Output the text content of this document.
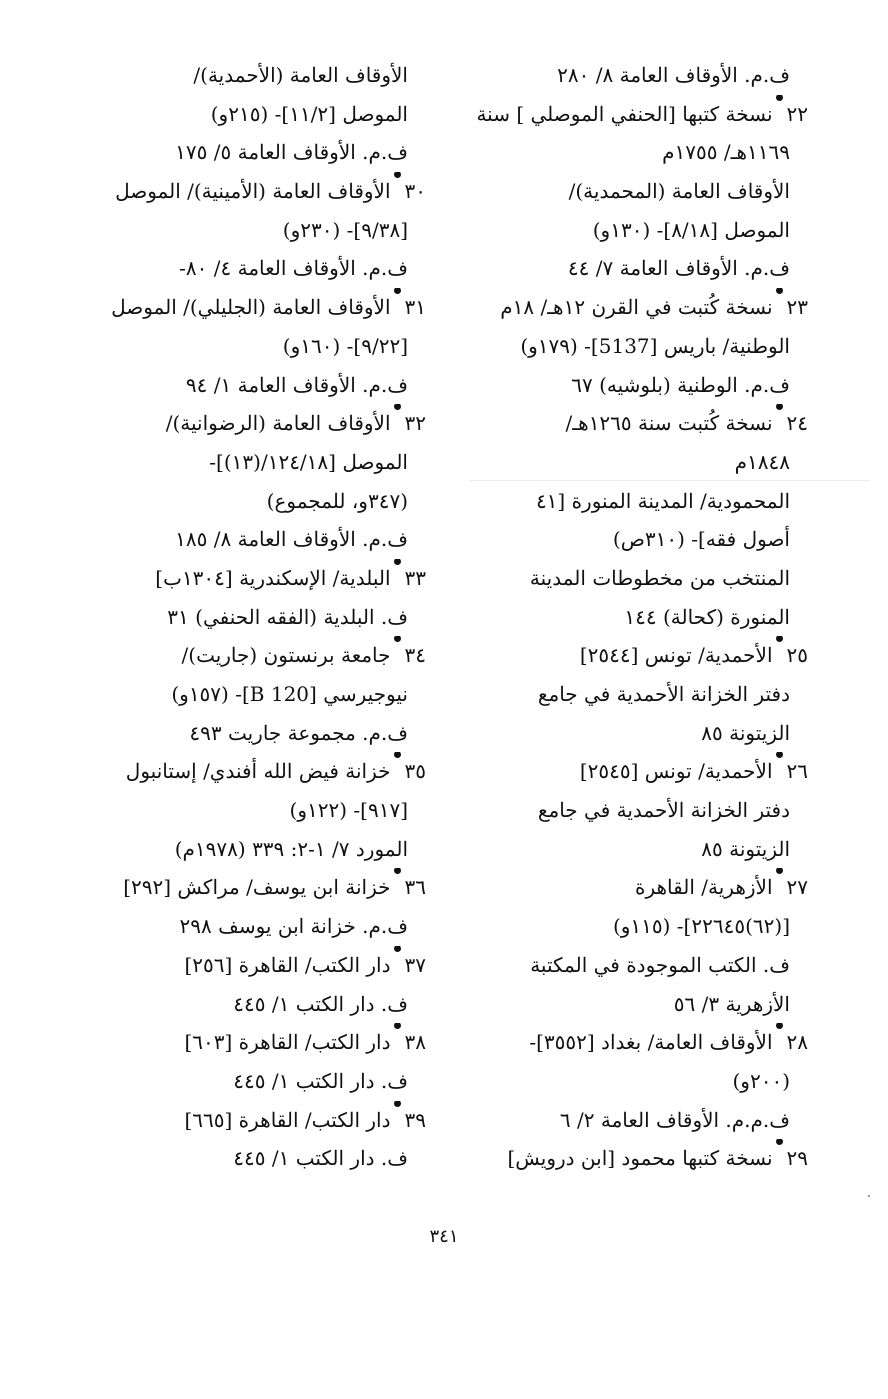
ف.م. الأوقاف العامة ٨/ ٢٨٠
٢٢
نسخة كتبها [الحنفي الموصلي ] سنة
١١٦٩هـ/ ١٧٥٥م
الأوقاف العامة (المحمدية)/
الموصل [٨/١٨]- (١٣٠و)
ف.م. الأوقاف العامة ٧/ ٤٤
٢٣
نسخة كُتبت في القرن ١٢هـ/ ١٨م
الوطنية/ باريس [5137]- (١٧٩و)
ف.م. الوطنية (بلوشيه) ٦٧
٢٤
نسخة كُتبت سنة ١٢٦٥هـ/
١٨٤٨م
المحمودية/ المدينة المنورة [٤١
أصول فقه]- (٣١٠ص)
المنتخب من مخطوطات المدينة
المنورة (كحالة) ١٤٤
٢٥
الأحمدية/ تونس [٢٥٤٤]
دفتر الخزانة الأحمدية في جامع
الزيتونة ٨٥
٢٦
الأحمدية/ تونس [٢٥٤٥]
دفتر الخزانة الأحمدية في جامع
الزيتونة ٨٥
٢٧
الأزهرية/ القاهرة
[(٦٢)٢٢٦٤٥]- (١١٥و)
ف. الكتب الموجودة في المكتبة
الأزهرية ٣/ ٥٦
٢٨
الأوقاف العامة/ بغداد [٣٥٥٢]-
(٢٠٠و)
ف.م.م. الأوقاف العامة ٢/ ٦
٢٩
نسخة كتبها محمود [ابن درويش]
الأوقاف العامة (الأحمدية)/
الموصل [١١/٢]- (٢١٥و)
ف.م. الأوقاف العامة ٥/ ١٧٥
٣٠
الأوقاف العامة (الأمينية)/ الموصل
[٩/٣٨]- (٢٣٠و)
ف.م. الأوقاف العامة ٤/ ٨٠-
٣١
الأوقاف العامة (الجليلي)/ الموصل
[٩/٢٢]- (١٦٠و)
ف.م. الأوقاف العامة ١/ ٩٤
٣٢
الأوقاف العامة (الرضوانية)/
الموصل [١٢٤/١٨/(١٣)]-
(٣٤٧و، للمجموع)
ف.م. الأوقاف العامة ٨/ ١٨٥
٣٣
البلدية/ الإسكندرية [١٣٠٤ب]
ف. البلدية (الفقه الحنفي) ٣١
٣٤
جامعة برنستون (جاريت)/
نيوجيرسي [120 B]- (١٥٧و)
ف.م. مجموعة جاريت ٤٩٣
٣٥
خزانة فيض الله أفندي/ إستانبول
[٩١٧]- (١٢٢و)
المورد ٧/ ١-٢: ٣٣٩ (١٩٧٨م)
٣٦
خزانة ابن يوسف/ مراكش [٢٩٢]
ف.م. خزانة ابن يوسف ٢٩٨
٣٧
دار الكتب/ القاهرة [٢٥٦]
ف. دار الكتب ١/ ٤٤٥
٣٨
دار الكتب/ القاهرة [٦٠٣]
ف. دار الكتب ١/ ٤٤٥
٣٩
دار الكتب/ القاهرة [٦٦٥]
ف. دار الكتب ١/ ٤٤٥
٣٤١
